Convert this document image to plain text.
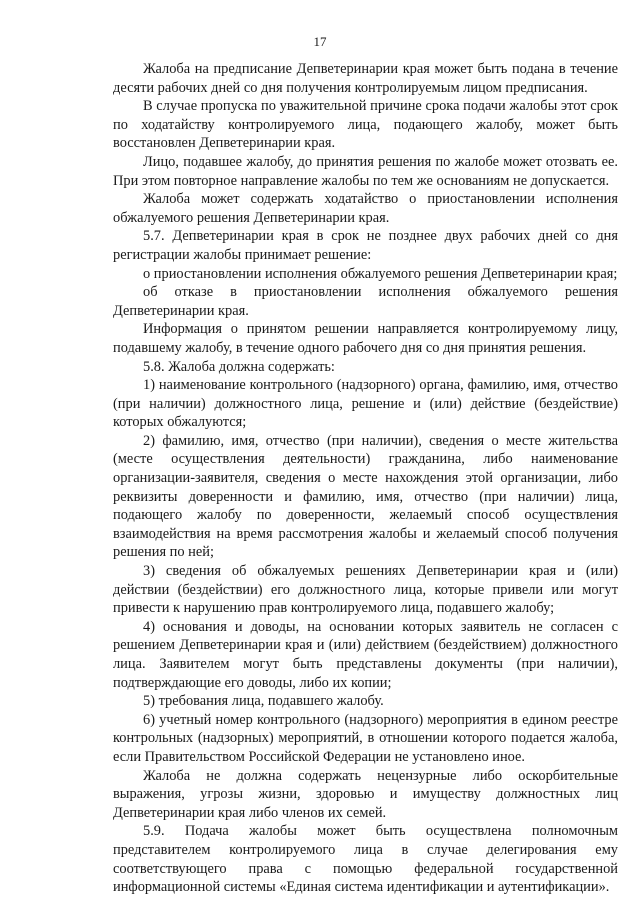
17

Жалоба на предписание Депветеринарии края может быть подана в течение десяти рабочих дней со дня получения контролируемым лицом предписания.

В случае пропуска по уважительной причине срока подачи жалобы этот срок по ходатайству контролируемого лица, подающего жалобу, может быть восстановлен Депветеринарии края.

Лицо, подавшее жалобу, до принятия решения по жалобе может отозвать ее. При этом повторное направление жалобы по тем же основаниям не допускается.

Жалоба может содержать ходатайство о приостановлении исполнения обжалуемого решения Депветеринарии края.

5.7. Депветеринарии края в срок не позднее двух рабочих дней со дня регистрации жалобы принимает решение:

о приостановлении исполнения обжалуемого решения Депветеринарии края;

об отказе в приостановлении исполнения обжалуемого решения Депветеринарии края.

Информация о принятом решении направляется контролируемому лицу, подавшему жалобу, в течение одного рабочего дня со дня принятия решения.

5.8. Жалоба должна содержать:

1) наименование контрольного (надзорного) органа, фамилию, имя, отчество (при наличии) должностного лица, решение и (или) действие (бездействие) которых обжалуются;

2) фамилию, имя, отчество (при наличии), сведения о месте жительства (месте осуществления деятельности) гражданина, либо наименование организации-заявителя, сведения о месте нахождения этой организации, либо реквизиты доверенности и фамилию, имя, отчество (при наличии) лица, подающего жалобу по доверенности, желаемый способ осуществления взаимодействия на время рассмотрения жалобы и желаемый способ получения решения по ней;

3) сведения об обжалуемых решениях Депветеринарии края и (или) действии (бездействии) его должностного лица, которые привели или могут привести к нарушению прав контролируемого лица, подавшего жалобу;

4) основания и доводы, на основании которых заявитель не согласен с решением Депветеринарии края и (или) действием (бездействием) должностного лица. Заявителем могут быть представлены документы (при наличии), подтверждающие его доводы, либо их копии;

5) требования лица, подавшего жалобу.

6) учетный номер контрольного (надзорного) мероприятия в едином реестре контрольных (надзорных) мероприятий, в отношении которого подается жалоба, если Правительством Российской Федерации не установлено иное.

Жалоба не должна содержать нецензурные либо оскорбительные выражения, угрозы жизни, здоровью и имуществу должностных лиц Депветеринарии края либо членов их семей.

5.9. Подача жалобы может быть осуществлена полномочным представителем контролируемого лица в случае делегирования ему соответствующего права с помощью федеральной государственной информационной системы «Единая система идентификации и аутентификации».
